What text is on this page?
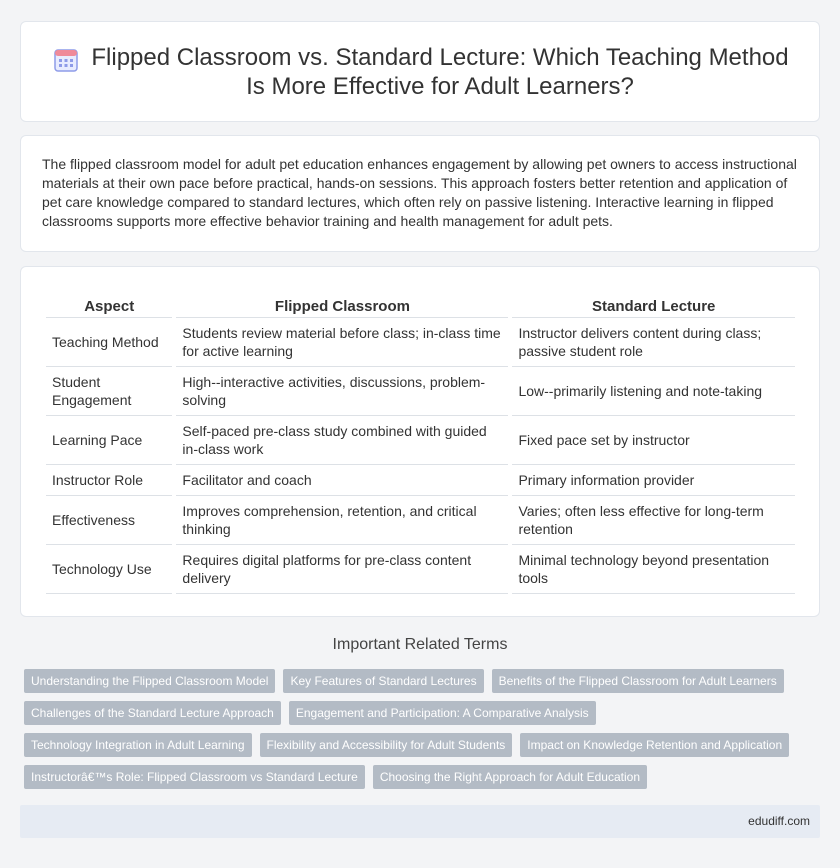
Flipped Classroom vs. Standard Lecture: Which Teaching Method Is More Effective for Adult Learners?

The flipped classroom model for adult pet education enhances engagement by allowing pet owners to access instructional materials at their own pace before practical, hands-on sessions. This approach fosters better retention and application of pet care knowledge compared to standard lectures, which often rely on passive listening. Interactive learning in flipped classrooms supports more effective behavior training and health management for adult pets.

Aspect	Flipped Classroom	Standard Lecture
Teaching Method	Students review material before class; in-class time for active learning	Instructor delivers content during class; passive student role
Student Engagement	High--interactive activities, discussions, problem-solving	Low--primarily listening and note-taking
Learning Pace	Self-paced pre-class study combined with guided in-class work	Fixed pace set by instructor
Instructor Role	Facilitator and coach	Primary information provider
Effectiveness	Improves comprehension, retention, and critical thinking	Varies; often less effective for long-term retention
Technology Use	Requires digital platforms for pre-class content delivery	Minimal technology beyond presentation tools
Important Related Terms
Understanding the Flipped Classroom Model	Key Features of Standard Lectures	Benefits of the Flipped Classroom for Adult Learners
Challenges of the Standard Lecture Approach	Engagement and Participation: A Comparative Analysis
Technology Integration in Adult Learning	Flexibility and Accessibility for Adult Students	Impact on Knowledge Retention and Application
Instructorâ€™s Role: Flipped Classroom vs Standard Lecture	Choosing the Right Approach for Adult Education
edudiff.com
